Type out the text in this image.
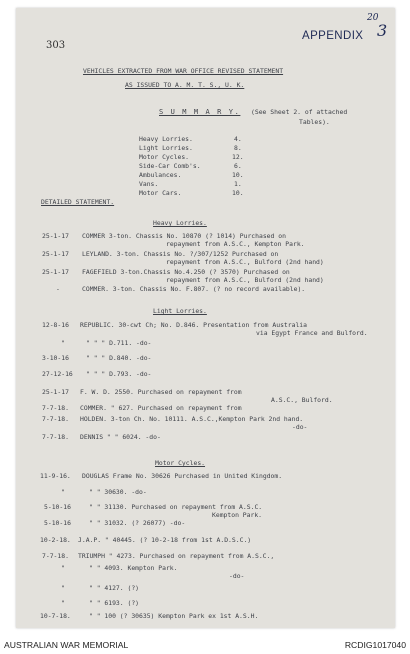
20
APPENDIX 3
303
VEHICLES EXTRACTED FROM WAR OFFICE REVISED STATEMENT
AS ISSUED TO A. M. T. S., U. K.
S U M M A R Y. (See Sheet 2. of attached
Tables).
Heavy Lorries.	4.
Light Lorries.	8.
Motor Cycles.	12.
Side-Car Comb's.	6.
Ambulances.	10.
Vans.	1.
Motor Cars.	10.
DETAILED STATEMENT.
Heavy Lorries.
25-1-17 COMMER 3-ton. Chassis No. 10870 (? 1014) Purchased on
repayment from A.S.C., Kempton Park.
25-1-17 LEYLAND. 3-ton. Chassis No. ?/307/1252 Purchased on
repayment from A.S.C., Bulford (2nd hand)
25-1-17 FAGEFIELD 3-ton.Chassis No.4.250 (? 3570) Purchased on
repayment from A.S.C., Bulford (2nd hand)
-	COMMER. 3-ton. Chassis No. F.807. (? no record available).
Light Lorries.
12-8-16 REPUBLIC. 30-cwt Ch; No. D.846. Presentation from Australia
via Egypt France and Bulford.
"	" " " D.711. -do-
3-10-16	" " " D.840. -do-
27-12-16 " " " D.793. -do-
25-1-17 F. W. D. 2550. Purchased on repayment from
A.S.C., Bulford.
7-7-18. COMMER. " 627. Purchased on repayment from
7-7-18. HOLDEN. 3-ton Ch. No. 10111. A.S.C.,Kempton Park 2nd hand.
-do-
7-7-18. DENNIS " " 6024. -do-
Motor Cycles.
11-9-16. DOUGLAS Frame No. 30626 Purchased in United Kingdom.
"	" " 30630. -do-
5-10-16	" " 31130. Purchased on repayment from A.S.C.
Kempton Park.
5-10-16	" " 31032. (? 26077) -do-
10-2-18. J.A.P. " 40445. (? 10-2-18 from 1st A.D.S.C.)
7-7-18. TRIUMPH " 4273. Purchased on repayment from A.S.C.,
"	" " 4093. Kempton Park.
-do-
"	" " 4127. (?)
"	" " 6193. (?)
10-7-18.	" " 100 (? 30635) Kempton Park ex 1st A.S.H.
AUSTRALIAN WAR MEMORIAL	RCDIG1017040
